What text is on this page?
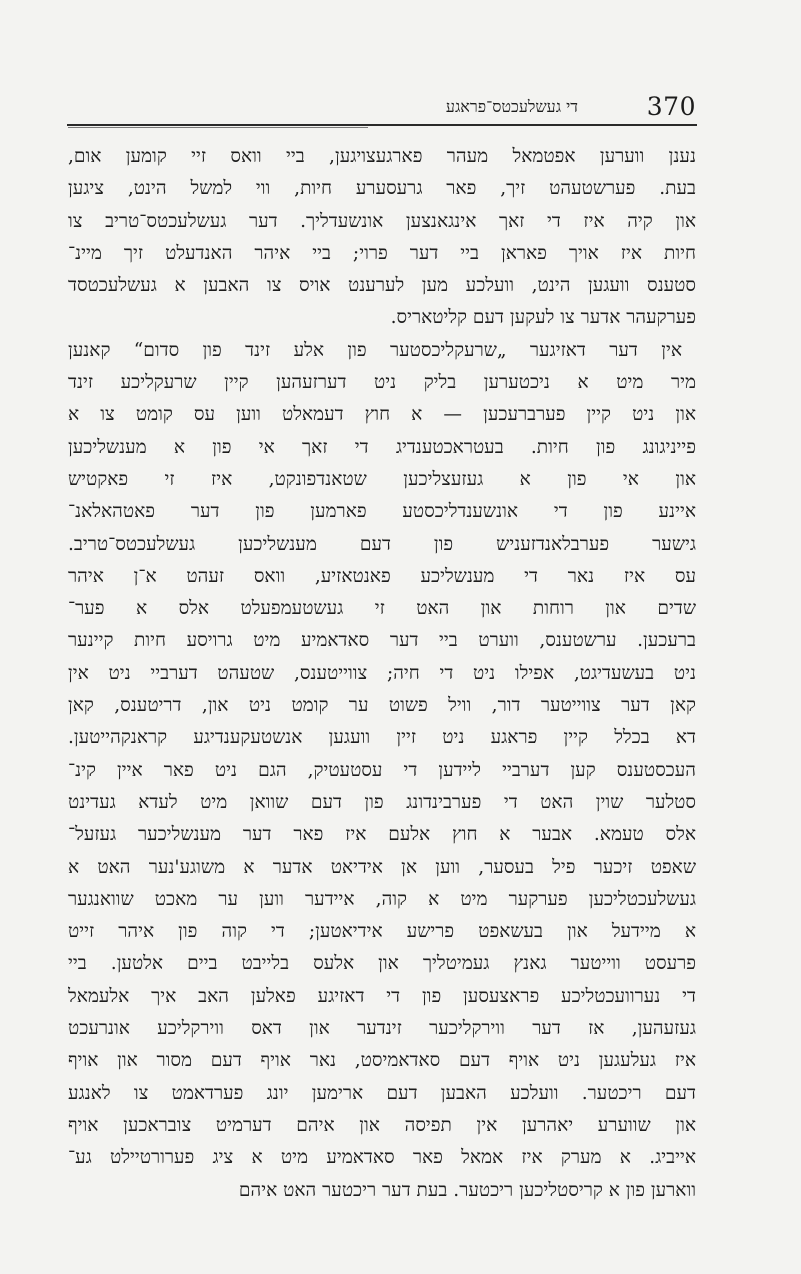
370
די געשלעכטס־פראגע
נענן ווערען אפטמאל מעהר פארגעצויגען, ביי וואס זיי קומען אום,
בעת. פערשטעהט זיך, פאר גרעסערע חיות, ווי למשל הינט, ציגען
און קיה איז די זאך אינגאנצען אונשעדליך. דער געשלעכטס־טריב צו
חיות איז אויך פאראן ביי דער פרוי; ביי איהר האנדעלט זיך מיינ־
סטענס וועגען הינט, וועלכע מען לערענט אויס צו האבען א געשלעכטסד
פערקעהר אדער צו לעקען דעם קליטאריס.
אין דער דאזיגער „שרעקליכסטער פון אלע זינד פון סדום“ קאנען
מיר מיט א ניכטערען בליק ניט דערזעהען קיין שרעקליכע זינד
און ניט קיין פערברעכען — א חוץ דעמאלט ווען עס קומט צו א
פייניגונג פון חיות. בעטראכטענדיג די זאך אי פון א מענשליכען
און אי פון א געזעצליכען שטאנדפונקט, איז זי פאקטיש
איינע פון די אונשענדליכסטע פארמען פון דער פאטהאלאנ־
גישער פערבלאנדזעניש פון דעם מענשליכען געשלעכטס־טריב.
עס איז נאר די מענשליכע פאנטאזיע, וואס זעהט א־ן איהר
שדים און רוחות און האט זי געשטעמפעלט אלס א פער־
ברעכען. ערשטענס, ווערט ביי דער סאדאמיע מיט גרויסע חיות קיינער
ניט בעשעדיגט, אפילו ניט די חיה; צווייטענס, שטעהט דערביי ניט אין
קאן דער צווייטער דור, וויל פשוט ער קומט ניט און, דריטענס, קאן
דא בכלל קיין פראגע ניט זיין וועגען אנשטעקענדיגע קראנקהייטען.
העכסטענס קען דערביי ליידען די עסטעטיק, הגם ניט פאר איין קינ־
סטלער שוין האט די פערבינדונג פון דעם שוואן מיט לעדא געדינט
אלס טעמא. אבער א חוץ אלעם איז פאר דער מענשליכער געזעל־
שאפט זיכער פיל בעסער, ווען אן אידיאט אדער א משוגע'נער האט א
געשלעכטליכען פערקער מיט א קוה, איידער ווען ער מאכט שוואנגער
א מיידעל און בעשאפט פרישע אידיאטען; די קוה פון איהר זייט
פרעסט ווייטער גאנץ געמיטליך און אלעס בלייבט ביים אלטען. ביי
די נערוועכטליכע פראצעסען פון די דאזיגע פאלען האב איך אלעמאל
געזעהען, אז דער ווירקליכער זינדער און דאס ווירקליכע אונרעכט
איז געלעגען ניט אויף דעם סאדאמיסט, נאר אויף דעם מסור און אויף
דעם ריכטער. וועלכע האבען דעם ארימען יונג פערדאמט צו לאנגע
און שווערע יאהרען אין תפיסה און איהם דערמיט צובראכען אויף
אייביג. א מערק איז אמאל פאר סאדאמיע מיט א ציג פערורטיילט גע־
ווארען פון א קריסטליכען ריכטער. בעת דער ריכטער האט איהם
